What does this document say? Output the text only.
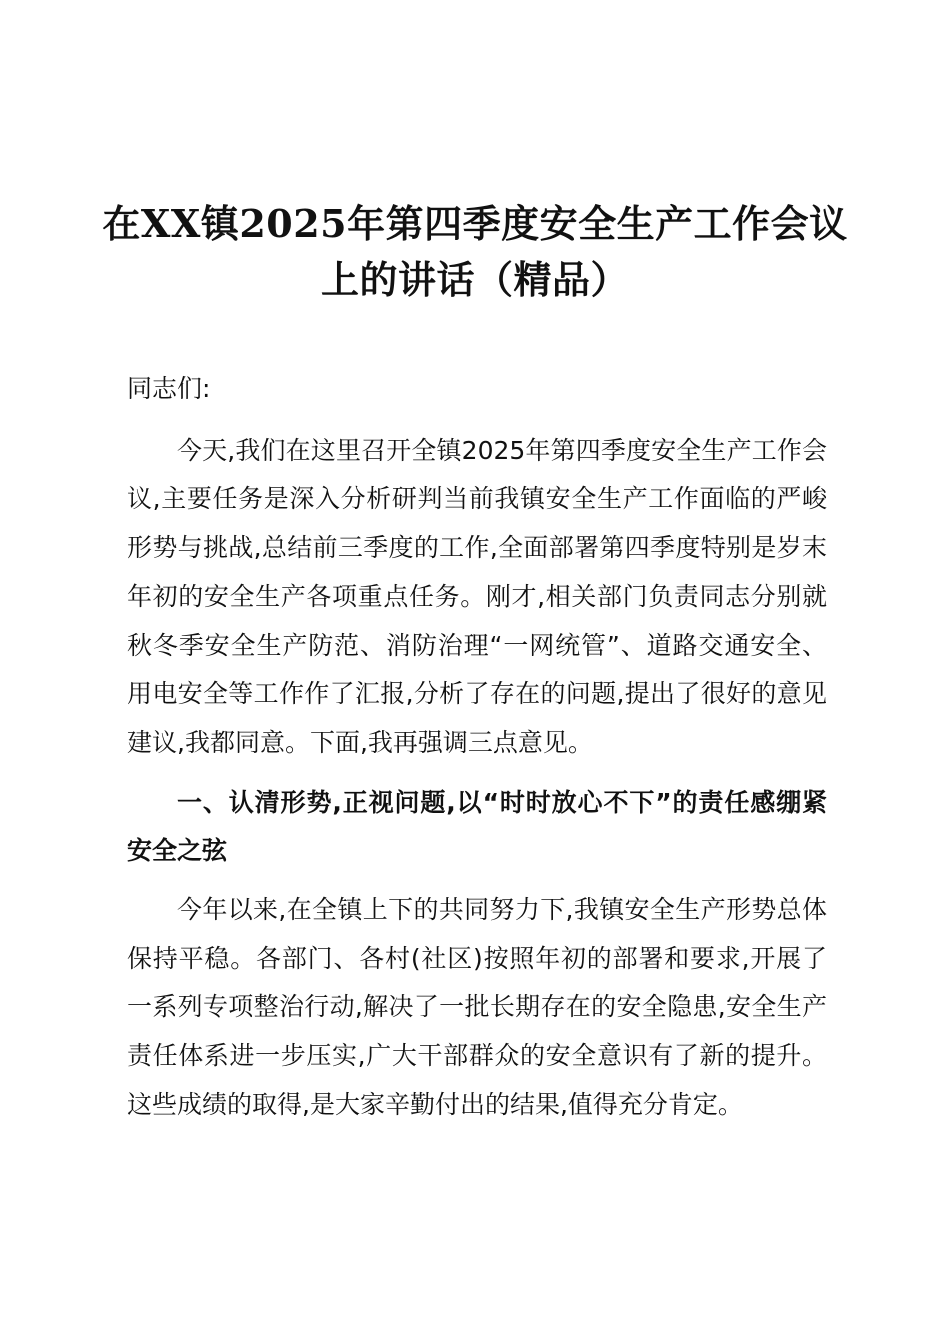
在XX镇2025年第四季度安全生产工作会议上的讲话（精品）

同志们:

今天,我们在这里召开全镇2025年第四季度安全生产工作会议,主要任务是深入分析研判当前我镇安全生产工作面临的严峻形势与挑战,总结前三季度的工作,全面部署第四季度特别是岁末年初的安全生产各项重点任务。刚才,相关部门负责同志分别就秋冬季安全生产防范、消防治理“一网统管”、道路交通安全、用电安全等工作作了汇报,分析了存在的问题,提出了很好的意见建议,我都同意。下面,我再强调三点意见。

一、认清形势,正视问题,以“时时放心不下”的责任感绷紧安全之弦

今年以来,在全镇上下的共同努力下,我镇安全生产形势总体保持平稳。各部门、各村(社区)按照年初的部署和要求,开展了一系列专项整治行动,解决了一批长期存在的安全隐患,安全生产责任体系进一步压实,广大干部群众的安全意识有了新的提升。这些成绩的取得,是大家辛勤付出的结果,值得充分肯定。
